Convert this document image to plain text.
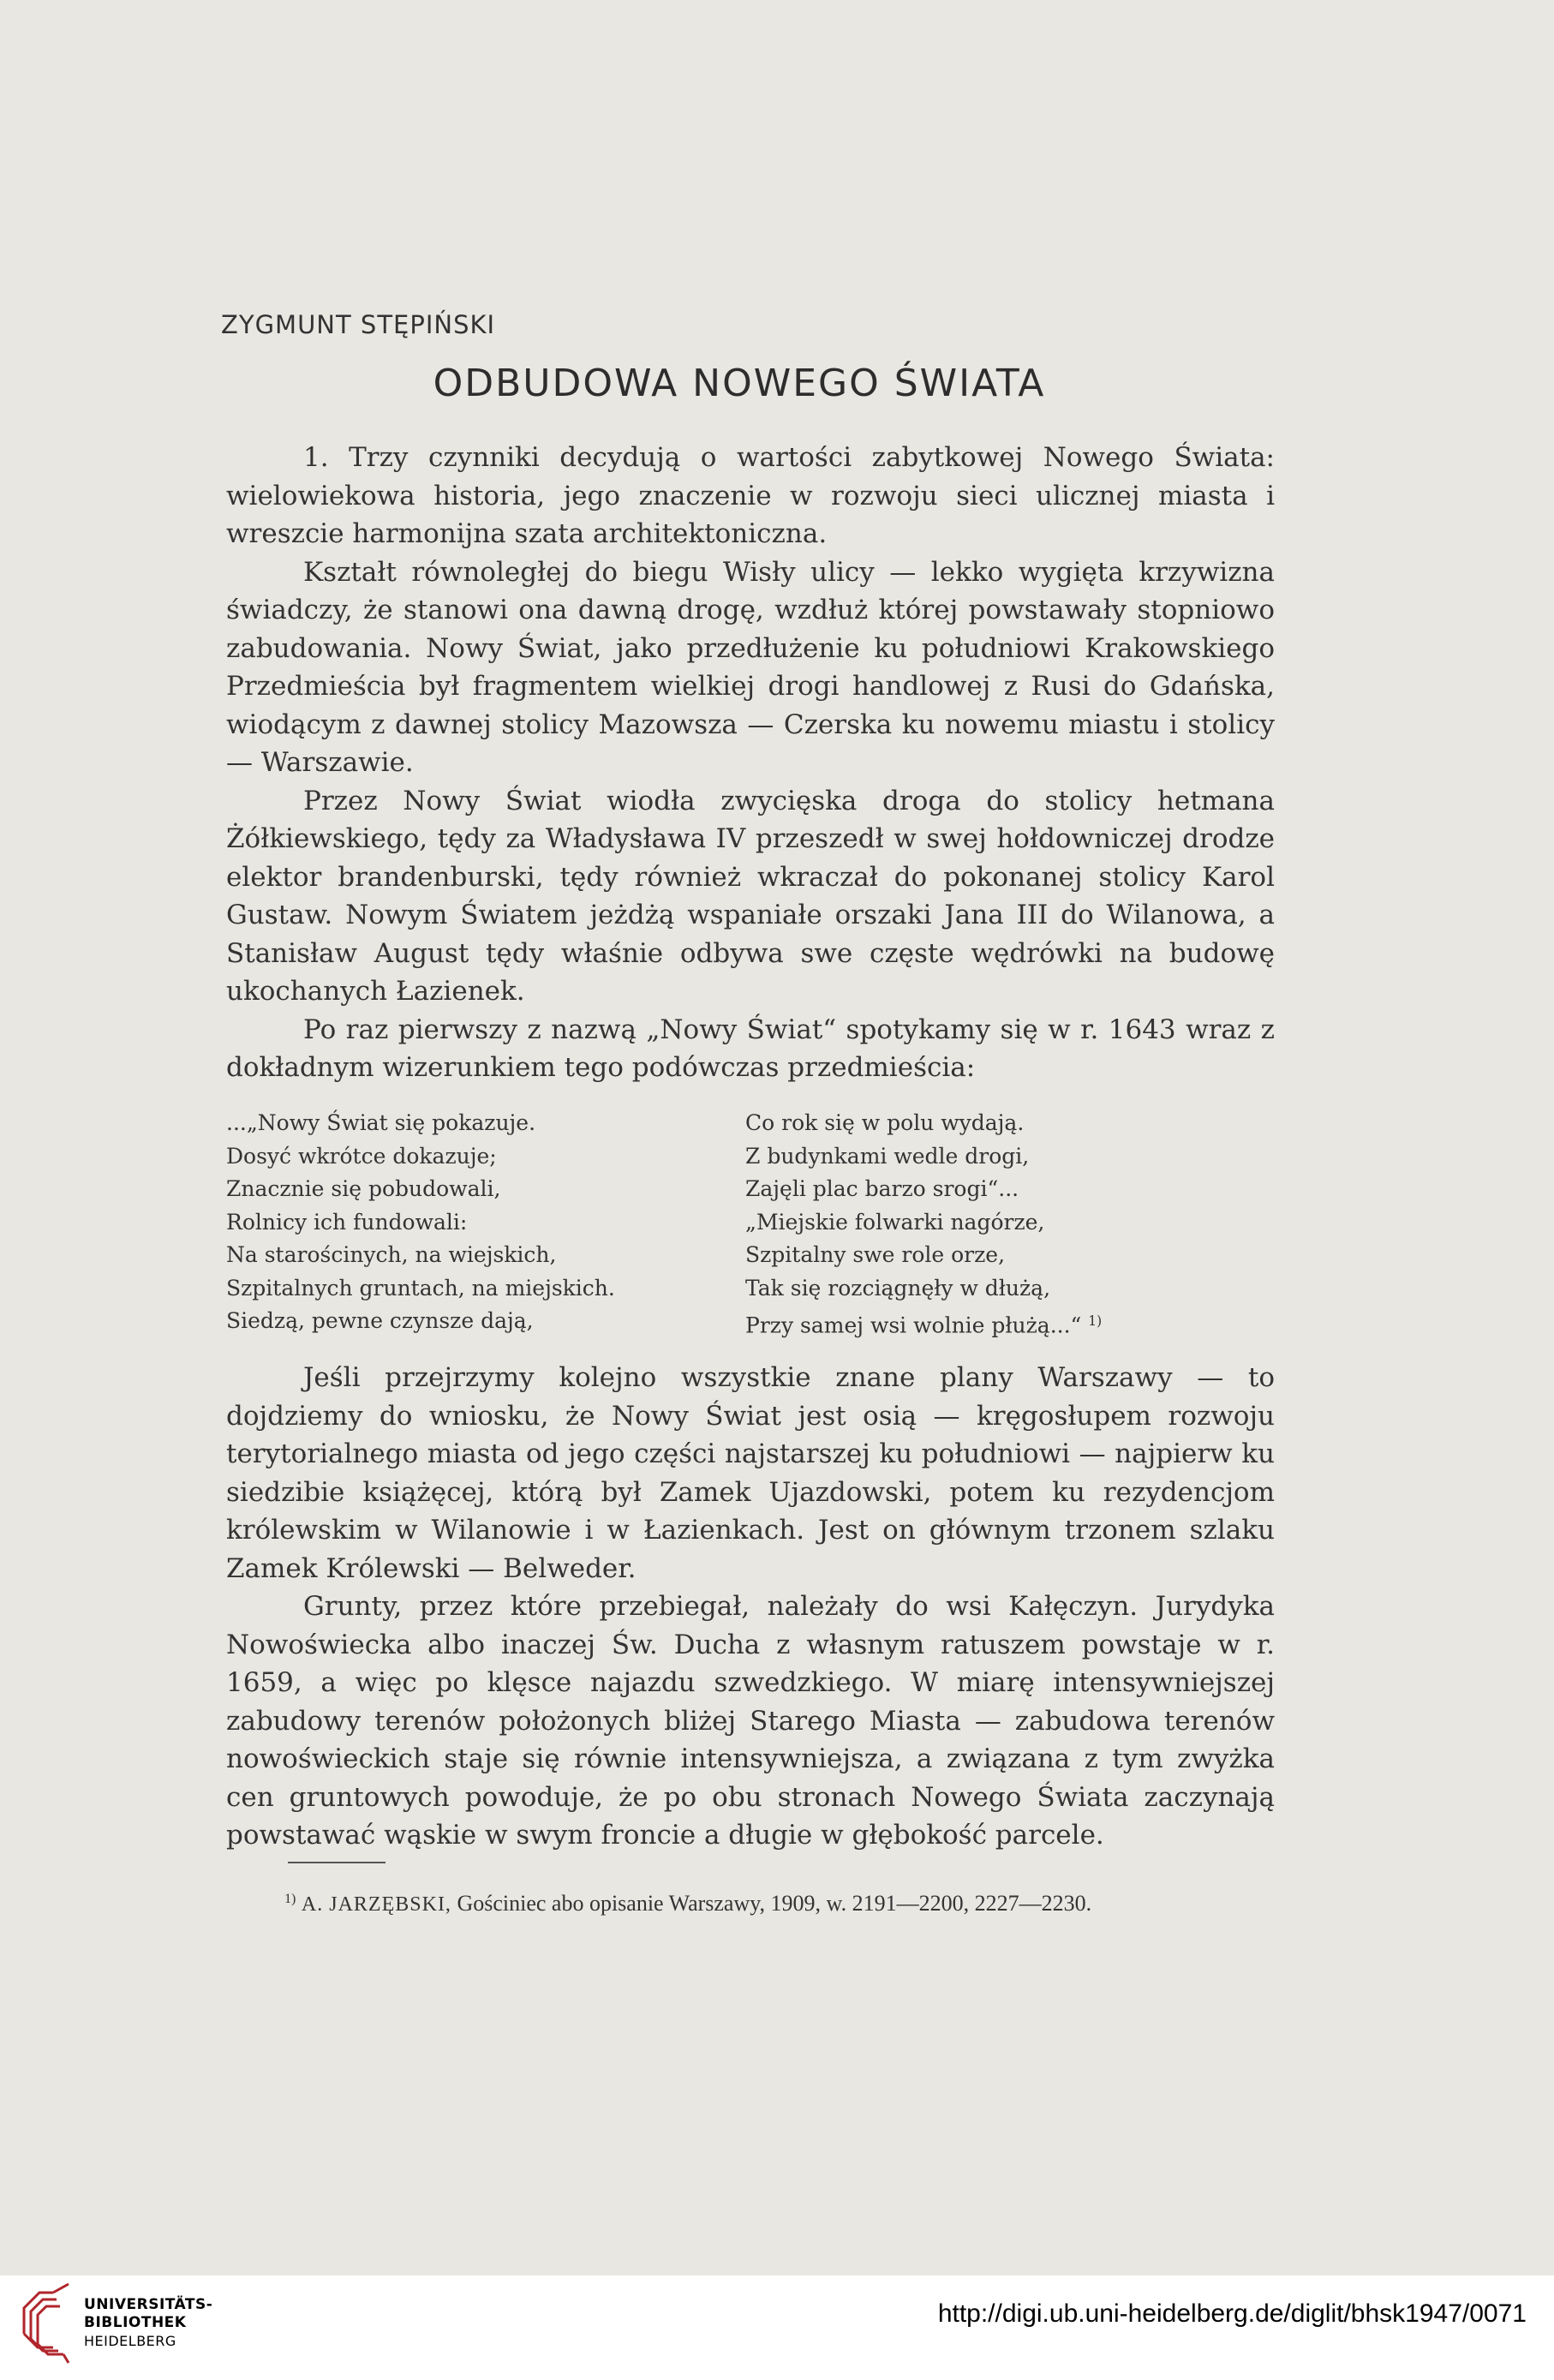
ZYGMUNT STĘPIŃSKI
ODBUDOWA NOWEGO ŚWIATA

1. Trzy czynniki decydują o wartości zabytkowej Nowego Świata: wielowiekowa historia, jego znaczenie w rozwoju sieci ulicznej miasta i wreszcie harmonijna szata architektoniczna.

Kształt równoległej do biegu Wisły ulicy — lekko wygięta krzywizna świadczy, że stanowi ona dawną drogę, wzdłuż której powstawały stopniowo zabudowania. Nowy Świat, jako przedłużenie ku południowi Krakowskiego Przedmieścia był fragmentem wielkiej drogi handlowej z Rusi do Gdańska, wiodącym z dawnej stolicy Mazowsza — Czerska ku nowemu miastu i stolicy — Warszawie.

Przez Nowy Świat wiodła zwycięska droga do stolicy hetmana Żółkiewskiego, tędy za Władysława IV przeszedł w swej hołdowniczej drodze elektor brandenburski, tędy również wkraczał do pokonanej stolicy Karol Gustaw. Nowym Światem jeżdżą wspaniałe orszaki Jana III do Wilanowa, a Stanisław August tędy właśnie odbywa swe częste wędrówki na budowę ukochanych Łazienek.

Po raz pierwszy z nazwą „Nowy Świat“ spotykamy się w r. 1643 wraz z dokładnym wizerunkiem tego podówczas przedmieścia:

...„Nowy Świat się pokazuje.
Dosyć wkrótce dokazuje;
Znacznie się pobudowali,
Rolnicy ich fundowali:
Na starościnych, na wiejskich,
Szpitalnych gruntach, na miejskich.
Siedzą, pewne czynsze dają,
Co rok się w polu wydają.
Z budynkami wedle drogi,
Zajęli plac barzo srogi“...
„Miejskie folwarki nagórze,
Szpitalny swe role orze,
Tak się rozciągnęły w dłużą,
Przy samej wsi wolnie płużą...“ $^{1)}$

Jeśli przejrzymy kolejno wszystkie znane plany Warszawy — to dojdziemy do wniosku, że Nowy Świat jest osią — kręgosłupem rozwoju terytorialnego miasta od jego części najstarszej ku południowi — najpierw ku siedzibie książęcej, którą był Zamek Ujazdowski, potem ku rezydencjom królewskim w Wilanowie i w Łazienkach. Jest on głównym trzonem szlaku Zamek Królewski — Belweder.

Grunty, przez które przebiegał, należały do wsi Kałęczyn. Jurydyka Nowoświecka albo inaczej Św. Ducha z własnym ratuszem powstaje w r. 1659, a więc po klęsce najazdu szwedzkiego. W miarę intensywniejszej zabudowy terenów położonych bliżej Starego Miasta — zabudowa terenów nowoświeckich staje się równie intensywniejsza, a związana z tym zwyżka cen gruntowych powoduje, że po obu stronach Nowego Świata zaczynają powstawać wąskie w swym froncie a długie w głębokość parcele.

$^{1)}$ A. JARZĘBSKI, Gościniec abo opisanie Warszawy, 1909, w. 2191—2200, 2227—2230.
UNIVERSITÄTS-
BIBLIOTHEK
HEIDELBERG
http://digi.ub.uni-heidelberg.de/diglit/bhsk1947/0071
